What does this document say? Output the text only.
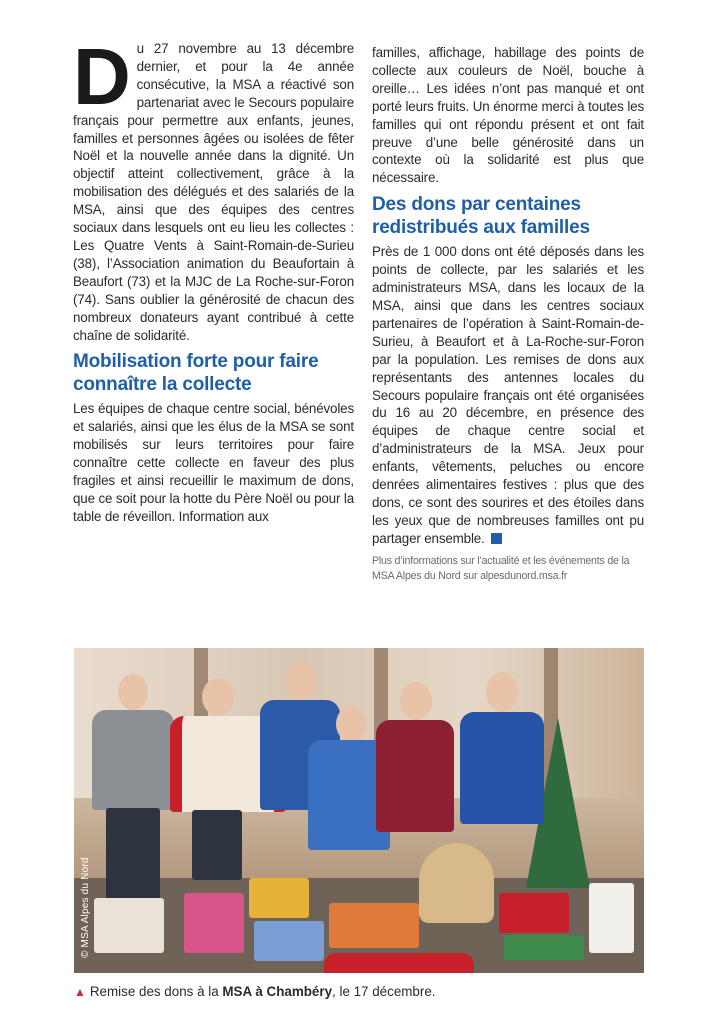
Du 27 novembre au 13 décembre dernier, et pour la 4e année consécutive, la MSA a réactivé son partenariat avec le Secours populaire français pour permettre aux enfants, jeunes, familles et personnes âgées ou isolées de fêter Noël et la nouvelle année dans la dignité. Un objectif atteint collectivement, grâce à la mobilisation des délégués et des salariés de la MSA, ainsi que des équipes des centres sociaux dans lesquels ont eu lieu les collectes : Les Quatre Vents à Saint-Romain-de-Surieu (38), l’Association animation du Beaufortain à Beaufort (73) et la MJC de La Roche-sur-Foron (74). Sans oublier la générosité de chacun des nombreux donateurs ayant contribué à cette chaîne de solidarité.

Mobilisation forte pour faire connaître la collecte

Les équipes de chaque centre social, bénévoles et salariés, ainsi que les élus de la MSA se sont mobilisés sur leurs territoires pour faire connaître cette collecte en faveur des plus fragiles et ainsi recueillir le maximum de dons, que ce soit pour la hotte du Père Noël ou pour la table de réveillon. Information aux

familles, affichage, habillage des points de collecte aux couleurs de Noël, bouche à oreille… Les idées n’ont pas manqué et ont porté leurs fruits. Un énorme merci à toutes les familles qui ont répondu présent et ont fait preuve d’une belle générosité dans un contexte où la solidarité est plus que nécessaire.

Des dons par centaines redistribués aux familles

Près de 1 000 dons ont été déposés dans les points de collecte, par les salariés et les administrateurs MSA, dans les locaux de la MSA, ainsi que dans les centres sociaux partenaires de l’opération à Saint-Romain-de-Surieu, à Beaufort et à La-Roche-sur-Foron par la population. Les remises de dons aux représentants des antennes locales du Secours populaire français ont été organisées du 16 au 20 décembre, en présence des équipes de chaque centre social et d’administrateurs de la MSA. Jeux pour enfants, vêtements, peluches ou encore denrées alimentaires festives : plus que des dons, ce sont des sourires et des étoiles dans les yeux que de nombreuses familles ont pu partager ensemble.

Plus d’informations sur l’actualité et les événements de la MSA Alpes du Nord sur alpesdunord.msa.fr
© MSA Alpes du Nord
▲ Remise des dons à la MSA à Chambéry, le 17 décembre.
